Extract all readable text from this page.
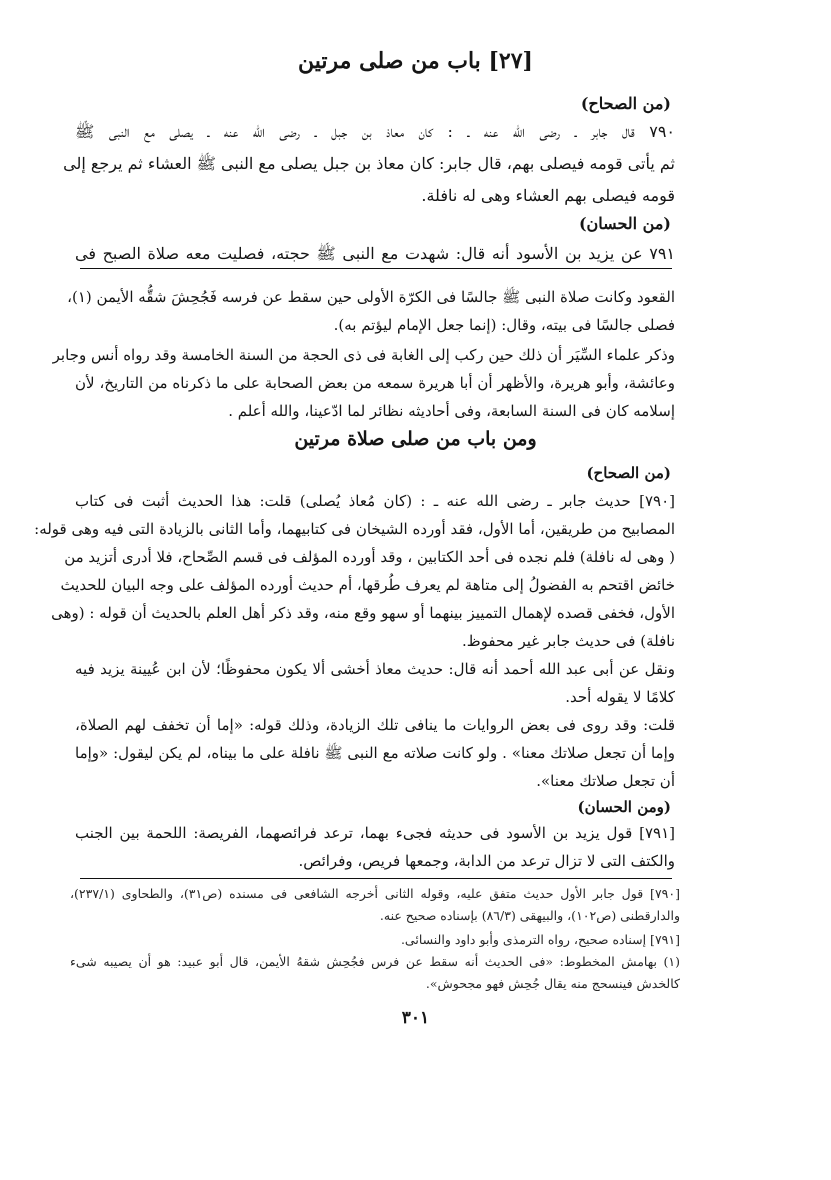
[٢٧] باب من صلى مرتين
(من الصحاح)
٧٩٠ قال جابر ـ رضى الله عنه ـ : كان معاذ بن جبل ـ رضى الله عنه ـ يصلى مع النبى ﷺ
ثم يأتى قومه فيصلى بهم، قال جابر: كان معاذ بن جبل يصلى مع النبى ﷺ العشاء ثم يرجع إلى
قومه فيصلى بهم العشاء وهى له نافلة.
(من الحسان)
٧٩١ عن يزيد بن الأسود أنه قال: شهدت مع النبى ﷺ حجته، فصليت معه صلاة الصبح فى
القعود وكانت صلاة النبى ﷺ جالسًا فى الكرّة الأولى حين سقط عن فرسه فَجُحِشَ شقُّه الأيمن (١)،
فصلى جالسًا فى بيته، وقال: (إنما جعل الإمام ليؤتم به).
وذكر علماء السِّيَر أن ذلك حين ركب إلى الغابة فى ذى الحجة من السنة الخامسة وقد رواه أنس وجابر
وعائشة، وأبو هريرة، والأظهر أن أبا هريرة سمعه من بعض الصحابة على ما ذكرناه من التاريخ، لأن
إسلامه كان فى السنة السابعة، وفى أحاديثه نظائر لما ادّعينا، والله أعلم .
ومن باب من صلى صلاة مرتين
(من الصحاح)
[٧٩٠] حديث جابر ـ رضى الله عنه ـ : (كان مُعاذ يُصلى) قلت: هذا الحديث أثبت فى كتاب
المصابيح من طريقين، أما الأول، فقد أورده الشيخان فى كتابيهما، وأما الثانى بالزيادة التى فيه وهى قوله:
( وهى له نافلة) فلم نجده فى أحد الكتابين ، وقد أورده المؤلف فى قسم الصِّحاح، فلا أدرى أتزيد من
خائض اقتحم به الفضولُ إلى متاهة لم يعرف طُرقها، أم حديث أورده المؤلف على وجه البيان للحديث
الأول، فخفى قصده لإهمال التمييز بينهما أو سهو وقع منه، وقد ذكر أهل العلم بالحديث أن قوله : (وهى
نافلة) فى حديث جابر غير محفوظ.
ونقل عن أبى عبد الله أحمد أنه قال: حديث معاذ أخشى ألا يكون محفوظًا؛ لأن ابن عُيينة يزيد فيه
كلامًا لا يقوله أحد.
قلت: وقد روى فى بعض الروايات ما ينافى تلك الزيادة، وذلك قوله: «إما أن تخفف لهم الصلاة،
وإما أن تجعل صلاتك معنا» . ولو كانت صلاته مع النبى ﷺ نافلة على ما بيناه، لم يكن ليقول: «وإما
أن تجعل صلاتك معنا».
(ومن الحسان)
[٧٩١] قول يزيد بن الأسود فى حديثه فجىء بهما، ترعد فرائصهما، الفريصة: اللحمة بين الجنب
والكتف التى لا تزال ترعد من الدابة، وجمعها فريص، وفرائص.
[٧٩٠] قول جابر الأول حديث متفق عليه، وقوله الثانى أخرجه الشافعى فى مسنده (ص٣١)، والطحاوى (٢٣٧/١)،
والدارقطنى (ص١٠٢)، والبيهقى (٨٦/٣) بإسناده صحيح عنه.
[٧٩١] إسناده صحيح، رواه الترمذى وأبو داود والنسائى.
(١) بهامش المخطوط: «فى الحديث أنه سقط عن فرس فجُحِش شقهُ الأيمن، قال أبو عبيد: هو أن يصيبه شىء
كالخدش فينسحج منه يقال جُحِش فهو مجحوش».
٣٠١
